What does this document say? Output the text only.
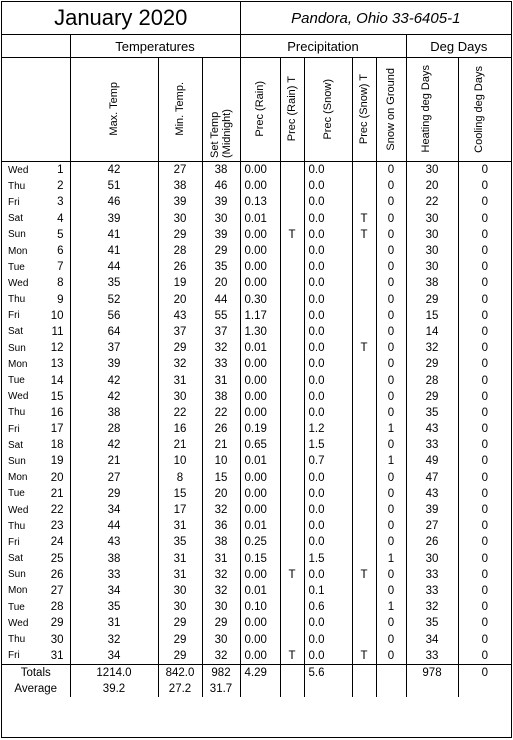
January 2020					Pandora, Ohio 33-6405-1						
		Temperatures			Precipitation					Deg Days	
		Max. Temp	Min. Temp.	Set Temp (Midnight)	Prec (Rain)	Prec (Rain) T	Prec (Snow)	Prec (Snow) T	Snow on Ground	Heating deg Days	Cooling deg Days
Wed	1	42	27	38	0.00		0.0		0	30	0
Thu	2	51	38	46	0.00		0.0		0	20	0
Fri	3	46	39	39	0.13		0.0		0	22	0
Sat	4	39	30	30	0.01		0.0	T	0	30	0
Sun	5	41	29	39	0.00	T	0.0	T	0	30	0
Mon	6	41	28	29	0.00		0.0		0	30	0
Tue	7	44	26	35	0.00		0.0		0	30	0
Wed	8	35	19	20	0.00		0.0		0	38	0
Thu	9	52	20	44	0.30		0.0		0	29	0
Fri	10	56	43	55	1.17		0.0		0	15	0
Sat	11	64	37	37	1.30		0.0		0	14	0
Sun	12	37	29	32	0.01		0.0	T	0	32	0
Mon	13	39	32	33	0.00		0.0		0	29	0
Tue	14	42	31	31	0.00		0.0		0	28	0
Wed	15	42	30	38	0.00		0.0		0	29	0
Thu	16	38	22	22	0.00		0.0		0	35	0
Fri	17	28	16	26	0.19		1.2		1	43	0
Sat	18	42	21	21	0.65		1.5		0	33	0
Sun	19	21	10	10	0.01		0.7		1	49	0
Mon	20	27	8	15	0.00		0.0		0	47	0
Tue	21	29	15	20	0.00		0.0		0	43	0
Wed	22	34	17	32	0.00		0.0		0	39	0
Thu	23	44	31	36	0.01		0.0		0	27	0
Fri	24	43	35	38	0.25		0.0		0	26	0
Sat	25	38	31	31	0.15		1.5		1	30	0
Sun	26	33	31	32	0.00	T	0.0	T	0	33	0
Mon	27	34	30	32	0.01		0.1		0	33	0
Tue	28	35	30	30	0.10		0.6		1	32	0
Wed	29	31	29	29	0.00		0.0		0	35	0
Thu	30	32	29	30	0.00		0.0		0	34	0
Fri	31	34	29	32	0.00	T	0.0	T	0	33	0
Totals		1214.0	842.0	982	4.29		5.6			978	0
Average		39.2	27.2	31.7							
